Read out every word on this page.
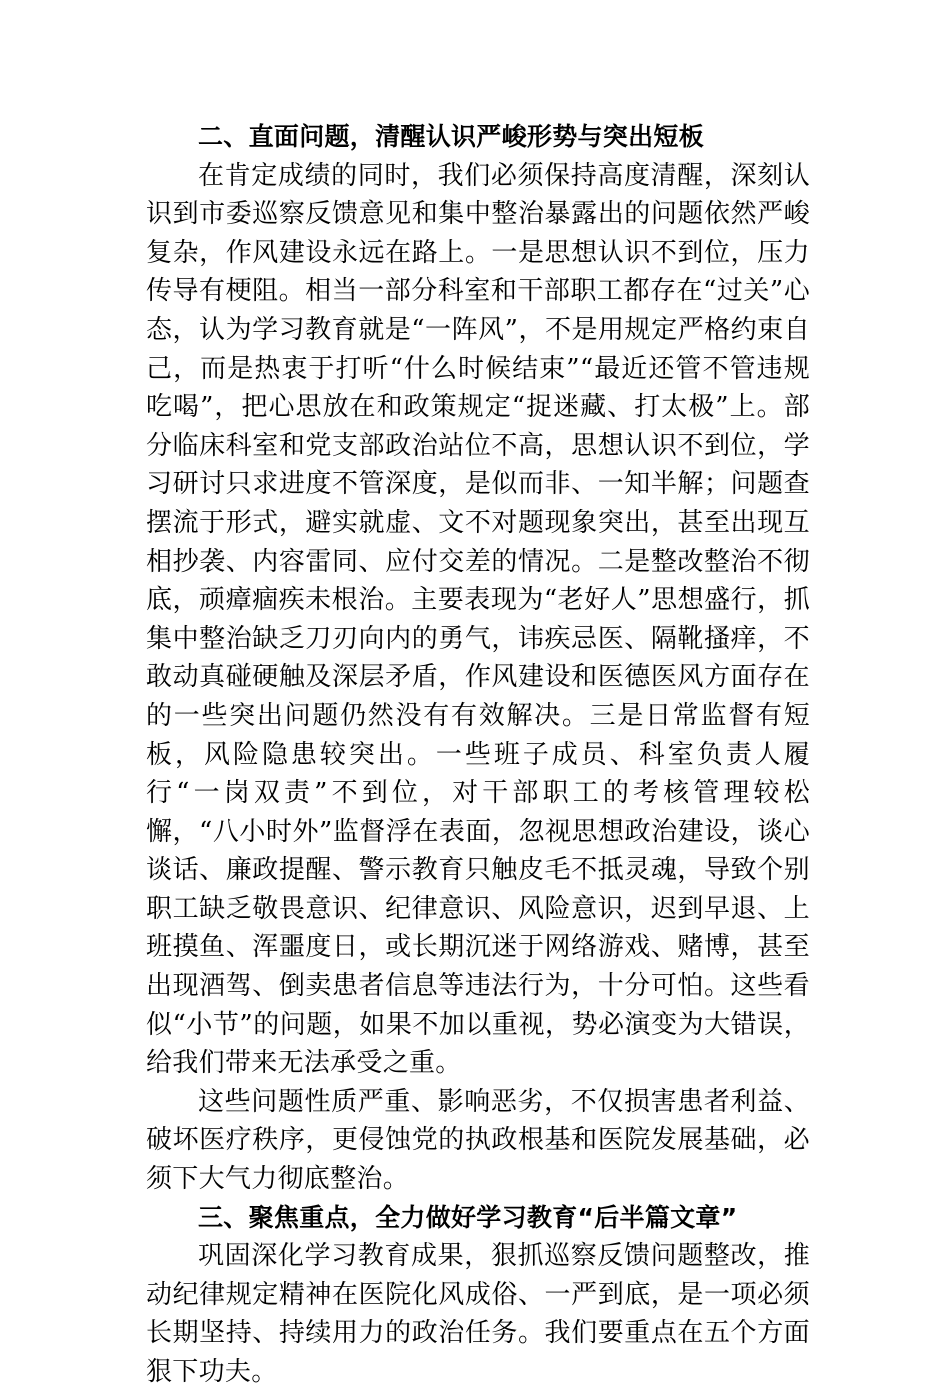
二、直面问题，清醒认识严峻形势与突出短板

在肯定成绩的同时，我们必须保持高度清醒，深刻认识到市委巡察反馈意见和集中整治暴露出的问题依然严峻复杂，作风建设永远在路上。一是思想认识不到位，压力传导有梗阻。相当一部分科室和干部职工都存在“过关”心态，认为学习教育就是“一阵风”，不是用规定严格约束自己，而是热衷于打听“什么时候结束”“最近还管不管违规吃喝”，把心思放在和政策规定“捉迷藏、打太极”上。部分临床科室和党支部政治站位不高，思想认识不到位，学习研讨只求进度不管深度，是似而非、一知半解；问题查摆流于形式，避实就虚、文不对题现象突出，甚至出现互相抄袭、内容雷同、应付交差的情况。二是整改整治不彻底，顽瘴痼疾未根治。主要表现为“老好人”思想盛行，抓集中整治缺乏刀刃向内的勇气，讳疾忌医、隔靴搔痒，不敢动真碰硬触及深层矛盾，作风建设和医德医风方面存在的一些突出问题仍然没有有效解决。三是日常监督有短板，风险隐患较突出。一些班子成员、科室负责人履行“一岗双责”不到位，对干部职工的考核管理较松懈，“八小时外”监督浮在表面，忽视思想政治建设，谈心谈话、廉政提醒、警示教育只触皮毛不抵灵魂，导致个别职工缺乏敬畏意识、纪律意识、风险意识，迟到早退、上班摸鱼、浑噩度日，或长期沉迷于网络游戏、赌博，甚至出现酒驾、倒卖患者信息等违法行为，十分可怕。这些看似“小节”的问题，如果不加以重视，势必演变为大错误，给我们带来无法承受之重。

这些问题性质严重、影响恶劣，不仅损害患者利益、破坏医疗秩序，更侵蚀党的执政根基和医院发展基础，必须下大气力彻底整治。

三、聚焦重点，全力做好学习教育“后半篇文章”

巩固深化学习教育成果，狠抓巡察反馈问题整改，推动纪律规定精神在医院化风成俗、一严到底，是一项必须长期坚持、持续用力的政治任务。我们要重点在五个方面狠下功夫。
